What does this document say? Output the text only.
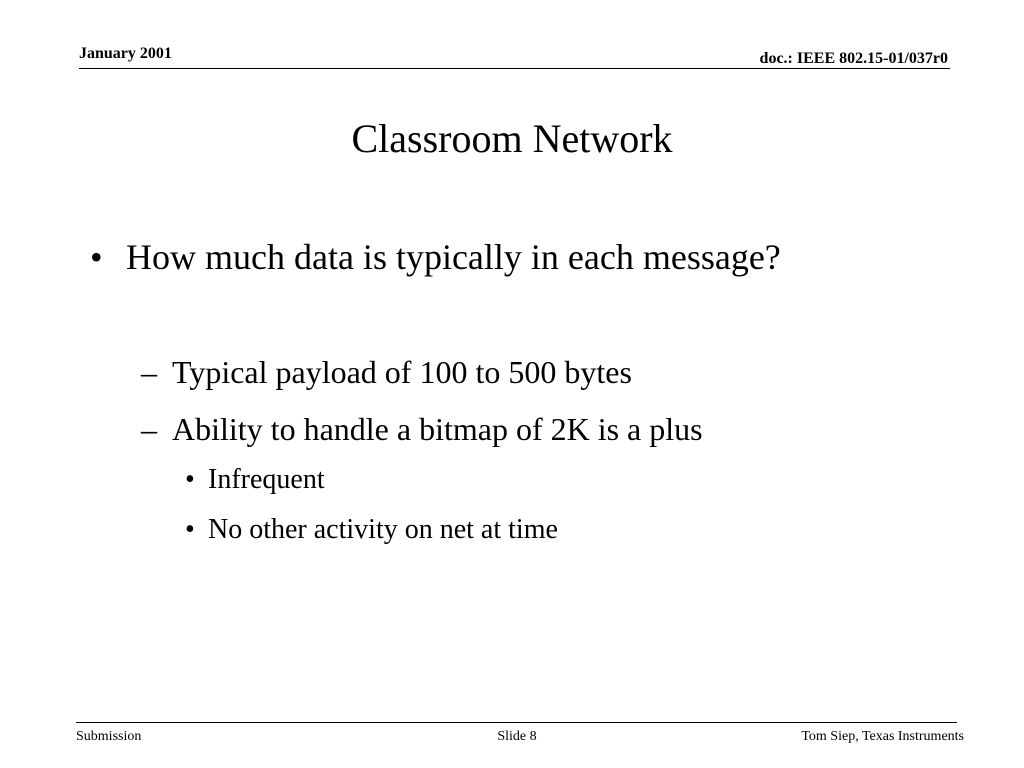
January 2001	doc.: IEEE 802.15-01/037r0
Classroom Network
• How much data is typically in each message?
– Typical payload of 100 to 500 bytes
– Ability to handle a bitmap of 2K is a plus
• Infrequent
• No other activity on net at time
Submission	Slide 8	Tom Siep, Texas Instruments
